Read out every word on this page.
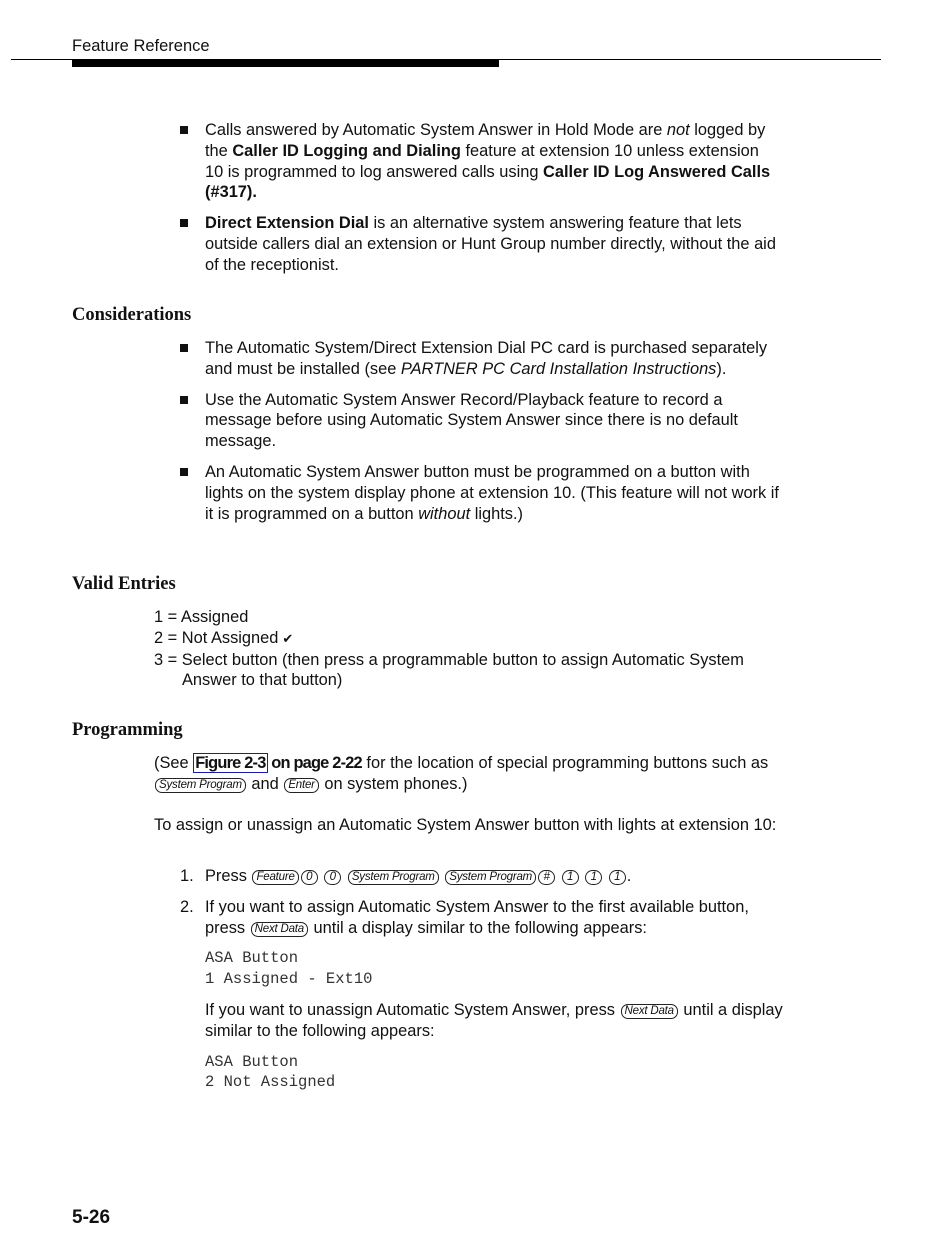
Feature Reference
Calls answered by Automatic System Answer in Hold Mode are not logged by the Caller ID Logging and Dialing feature at extension 10 unless extension 10 is programmed to log answered calls using Caller ID Log Answered Calls (#317).
Direct Extension Dial is an alternative system answering feature that lets outside callers dial an extension or Hunt Group number directly, without the aid of the receptionist.
Considerations
The Automatic System/Direct Extension Dial PC card is purchased separately and must be installed (see PARTNER PC Card Installation Instructions).
Use the Automatic System Answer Record/Playback feature to record a message before using Automatic System Answer since there is no default message.
An Automatic System Answer button must be programmed on a button with lights on the system display phone at extension 10. (This feature will not work if it is programmed on a button without lights.)
Valid Entries
1 = Assigned
2 = Not Assigned ✔
3 = Select button (then press a programmable button to assign Automatic System
Answer to that button)
Programming
(See Figure 2-3 on page 2-22 for the location of special programming buttons such as System Program and Enter on system phones.)
To assign or unassign an Automatic System Answer button with lights at extension 10:
1. Press Feature 0 0 System Program System Program # 1 1 1 .
2. If you want to assign Automatic System Answer to the first available button, press Next Data until a display similar to the following appears:
ASA Button
1 Assigned - Ext10
If you want to unassign Automatic System Answer, press Next Data until a display similar to the following appears:
ASA Button
2 Not Assigned
5-26
